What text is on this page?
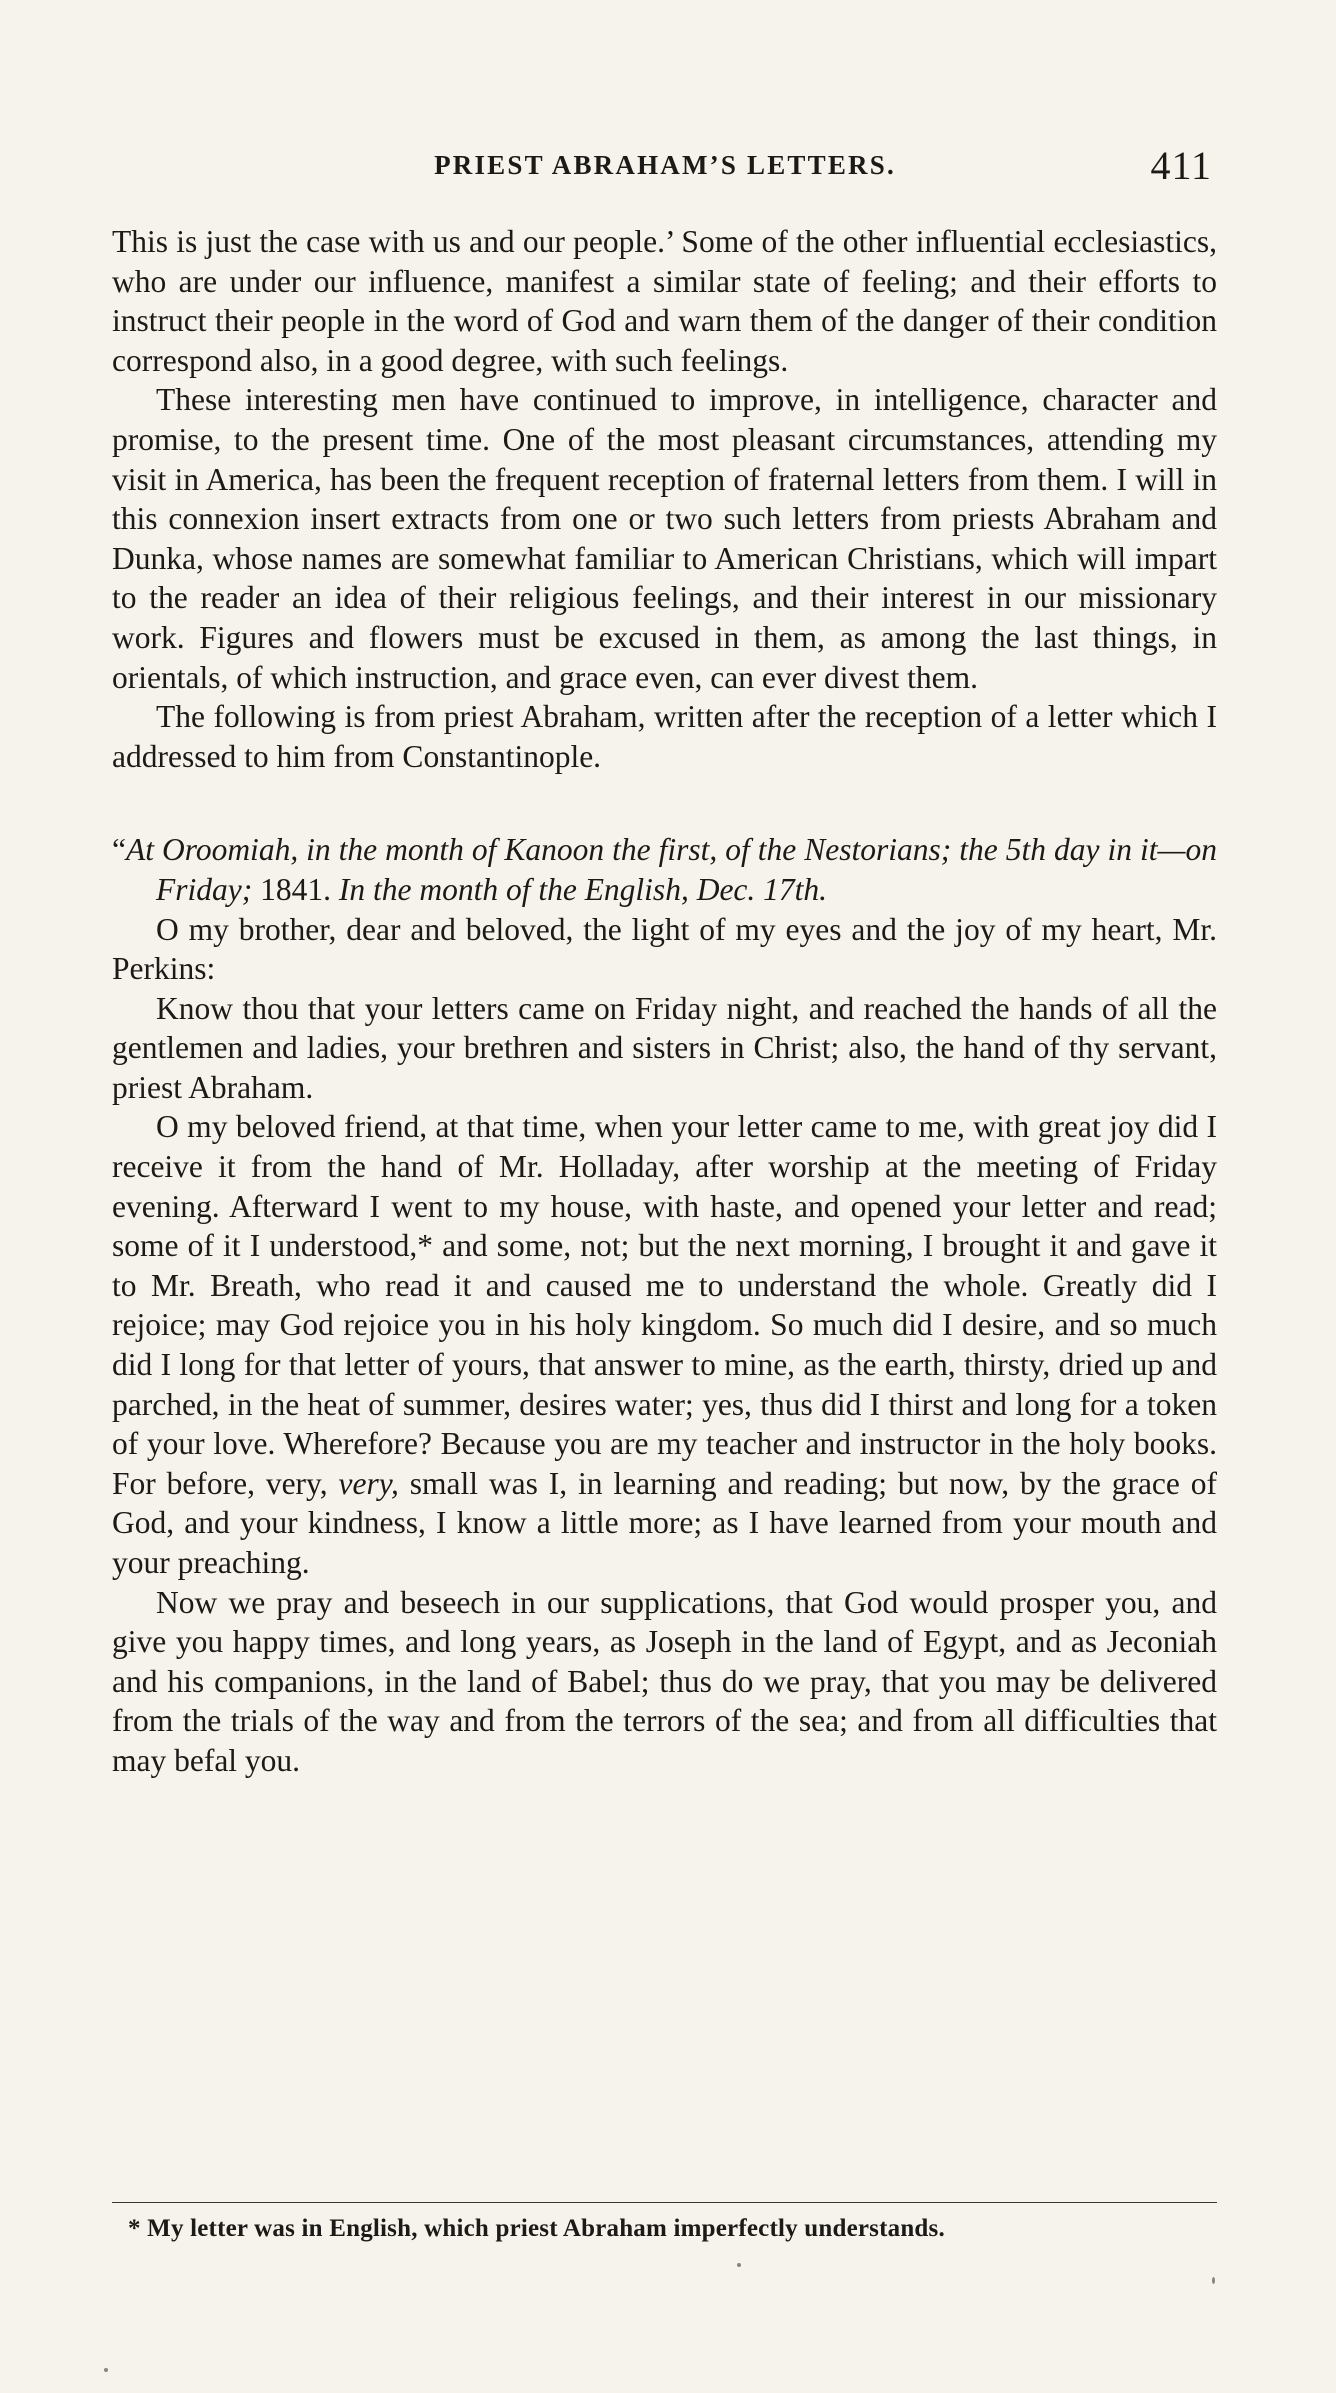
PRIEST ABRAHAM’S LETTERS.	411

This is just the case with us and our people.’ Some of the other influential ecclesiastics, who are under our influence, manifest a similar state of feeling; and their efforts to instruct their people in the word of God and warn them of the danger of their condition correspond also, in a good degree, with such feelings.

These interesting men have continued to improve, in intelligence, character and promise, to the present time. One of the most pleasant circumstances, attending my visit in America, has been the frequent reception of fraternal letters from them. I will in this connexion insert extracts from one or two such letters from priests Abraham and Dunka, whose names are somewhat familiar to American Christians, which will impart to the reader an idea of their religious feelings, and their interest in our missionary work. Figures and flowers must be excused in them, as among the last things, in orientals, of which instruction, and grace even, can ever divest them.

The following is from priest Abraham, written after the reception of a letter which I addressed to him from Constantinople.

“At Oroomiah, in the month of Kanoon the first, of the Nestorians; the 5th day in it—on Friday; 1841. In the month of the English, Dec. 17th.

O my brother, dear and beloved, the light of my eyes and the joy of my heart, Mr. Perkins:

Know thou that your letters came on Friday night, and reached the hands of all the gentlemen and ladies, your brethren and sisters in Christ; also, the hand of thy servant, priest Abraham.

O my beloved friend, at that time, when your letter came to me, with great joy did I receive it from the hand of Mr. Holladay, after worship at the meeting of Friday evening. Afterward I went to my house, with haste, and opened your letter and read; some of it I understood,* and some, not; but the next morning, I brought it and gave it to Mr. Breath, who read it and caused me to understand the whole. Greatly did I rejoice; may God rejoice you in his holy kingdom. So much did I desire, and so much did I long for that letter of yours, that answer to mine, as the earth, thirsty, dried up and parched, in the heat of summer, desires water; yes, thus did I thirst and long for a token of your love. Wherefore? Because you are my teacher and instructor in the holy books. For before, very, very, small was I, in learning and reading; but now, by the grace of God, and your kindness, I know a little more; as I have learned from your mouth and your preaching.

Now we pray and beseech in our supplications, that God would prosper you, and give you happy times, and long years, as Joseph in the land of Egypt, and as Jeconiah and his companions, in the land of Babel; thus do we pray, that you may be delivered from the trials of the way and from the terrors of the sea; and from all difficulties that may befal you.

* My letter was in English, which priest Abraham imperfectly understands.
